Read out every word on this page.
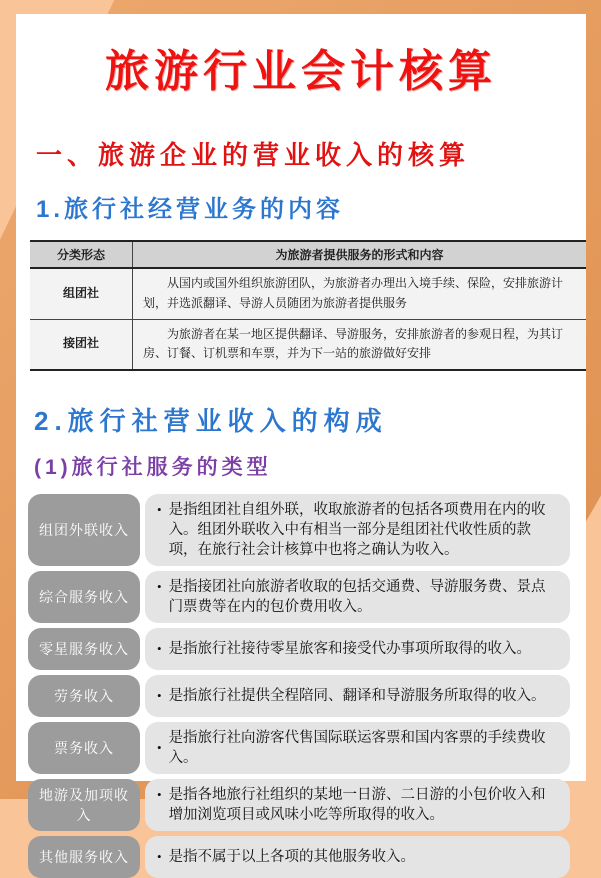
旅游行业会计核算
一、旅游企业的营业收入的核算
1.旅行社经营业务的内容
分类形态	为旅游者提供服务的形式和内容
组团社	从国内或国外组织旅游团队，为旅游者办理出入境手续、保险，安排旅游计划，并选派翻译、导游人员随团为旅游者提供服务
接团社	为旅游者在某一地区提供翻译、导游服务，安排旅游者的参观日程，为其订房、订餐、订机票和车票，并为下一站的旅游做好安排
2.旅行社营业收入的构成
(1)旅行社服务的类型
组团外联收入
• 是指组团社自组外联，收取旅游者的包括各项费用在内的收入。组团外联收入中有相当一部分是组团社代收性质的款项，在旅行社会计核算中也将之确认为收入。
综合服务收入
• 是指接团社向旅游者收取的包括交通费、导游服务费、景点门票费等在内的包价费用收入。
零星服务收入	• 是指旅行社接待零星旅客和接受代办事项所取得的收入。
劳务收入	• 是指旅行社提供全程陪同、翻译和导游服务所取得的收入。
票务收入	•
是指旅行社向游客代售国际联运客票和国内客票的手续费收入。
地游及加项收入
• 是指各地旅行社组织的某地一日游、二日游的小包价收入和增加浏览项目或风味小吃等所取得的收入。
其他服务收入	• 是指不属于以上各项的其他服务收入。
